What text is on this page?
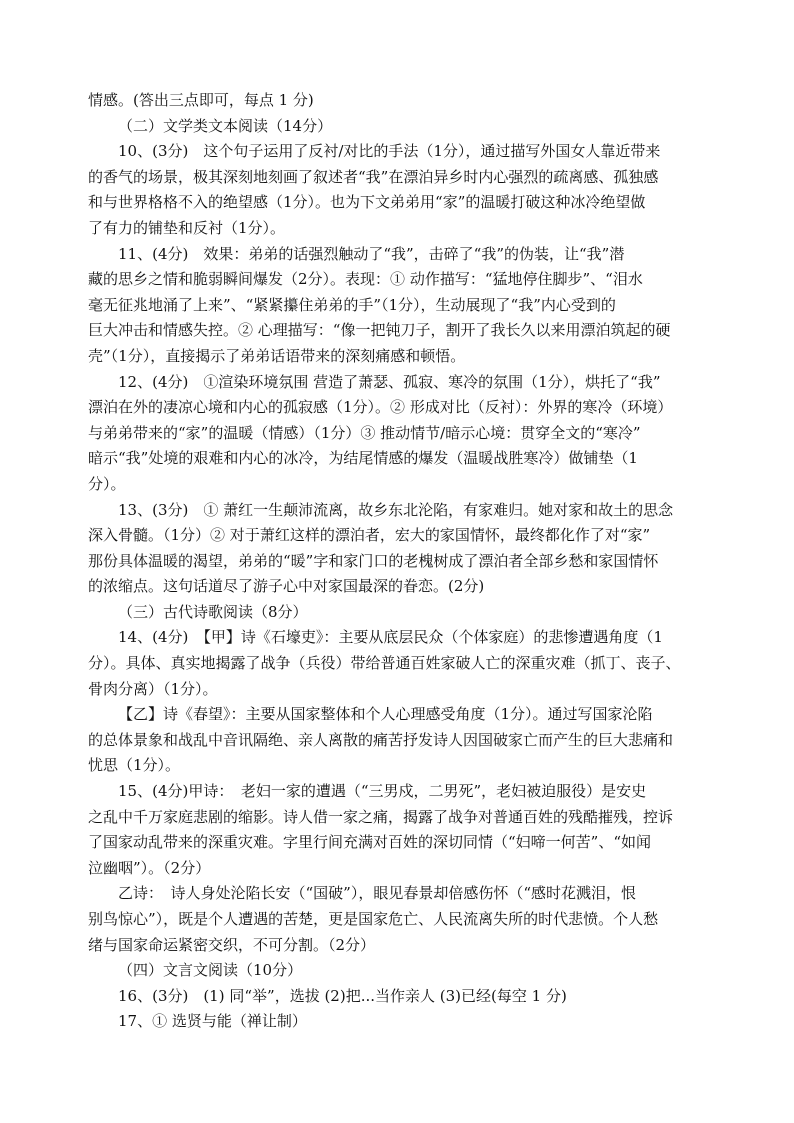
情感。(答出三点即可，每点 1 分)
（二）文学类文本阅读（14分）
10、(3分)　这个句子运用了反衬/对比的手法（1分），通过描写外国女人靠近带来
的香气的场景，极其深刻地刻画了叙述者“我”在漂泊异乡时内心强烈的疏离感、孤独感
和与世界格格不入的绝望感（1分）。也为下文弟弟用“家”的温暖打破这种冰冷绝望做
了有力的铺垫和反衬（1分）。
11、(4分)　效果：弟弟的话强烈触动了“我”，击碎了“我”的伪装，让“我”潜
藏的思乡之情和脆弱瞬间爆发（2分）。表现：① 动作描写：“猛地停住脚步”、“泪水
毫无征兆地涌了上来”、“紧紧攥住弟弟的手”（1分），生动展现了“我”内心受到的
巨大冲击和情感失控。② 心理描写：“像一把钝刀子，割开了我长久以来用漂泊筑起的硬
壳”（1分），直接揭示了弟弟话语带来的深刻痛感和顿悟。
12、(4分)　①渲染环境氛围 营造了萧瑟、孤寂、寒冷的氛围（1分），烘托了“我”
漂泊在外的凄凉心境和内心的孤寂感（1分）。② 形成对比（反衬）：外界的寒冷（环境）
与弟弟带来的“家”的温暖（情感）（1分）③ 推动情节/暗示心境：贯穿全文的“寒冷”
暗示“我”处境的艰难和内心的冰冷，为结尾情感的爆发（温暖战胜寒冷）做铺垫（1
分）。
13、(3分)　① 萧红一生颠沛流离，故乡东北沦陷，有家难归。她对家和故土的思念
深入骨髓。（1分）② 对于萧红这样的漂泊者，宏大的家国情怀，最终都化作了对“家”
那份具体温暖的渴望，弟弟的“暖”字和家门口的老槐树成了漂泊者全部乡愁和家国情怀
的浓缩点。这句话道尽了游子心中对家国最深的眷恋。(2分)
（三）古代诗歌阅读（8分）
14、(4分)　【甲】诗《石壕吏》：主要从底层民众（个体家庭）的悲惨遭遇角度（1
分）。具体、真实地揭露了战争（兵役）带给普通百姓家破人亡的深重灾难（抓丁、丧子、
骨肉分离）（1分）。
【乙】诗《春望》：主要从国家整体和个人心理感受角度（1分）。通过写国家沦陷
的总体景象和战乱中音讯隔绝、亲人离散的痛苦抒发诗人因国破家亡而产生的巨大悲痛和
忧思（1分）。
15、(4分)甲诗：　老妇一家的遭遇（“三男戍，二男死”，老妇被迫服役）是安史
之乱中千万家庭悲剧的缩影。诗人借一家之痛，揭露了战争对普通百姓的残酷摧残，控诉
了国家动乱带来的深重灾难。字里行间充满对百姓的深切同情（“妇啼一何苦”、“如闻
泣幽咽”）。（2分）
乙诗：　诗人身处沦陷长安（“国破”），眼见春景却倍感伤怀（“感时花溅泪，恨
别鸟惊心”），既是个人遭遇的苦楚，更是国家危亡、人民流离失所的时代悲愤。个人愁
绪与国家命运紧密交织，不可分割。（2分）
（四）文言文阅读（10分）
16、(3分)　(1) 同“举”，选拔 (2)把...当作亲人 (3)已经(每空 1 分)
17、① 选贤与能（禅让制）
